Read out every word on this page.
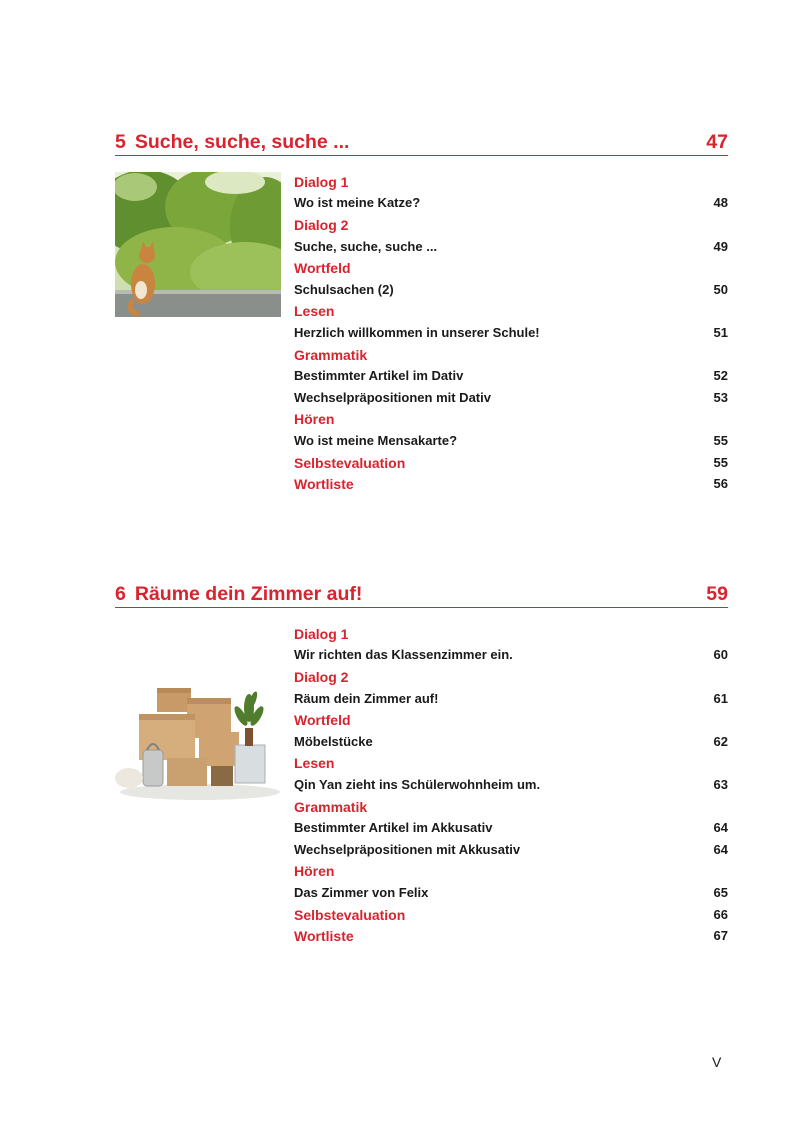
5 Suche, suche, suche ...	47
Dialog 1
Wo ist meine Katze?	48
Dialog 2
Suche, suche, suche ...	49
Wortfeld
Schulsachen (2)	50
Lesen
Herzlich willkommen in unserer Schule!	51
Grammatik
Bestimmter Artikel im Dativ	52
Wechselpräpositionen mit Dativ	53
Hören
Wo ist meine Mensakarte?	55
Selbstevaluation	55
Wortliste	56
6 Räume dein Zimmer auf!	59
Dialog 1
Wir richten das Klassenzimmer ein.	60
Dialog 2
Räum dein Zimmer auf!	61
Wortfeld
Möbelstücke	62
Lesen
Qin Yan zieht ins Schülerwohnheim um.	63
Grammatik
Bestimmter Artikel im Akkusativ	64
Wechselpräpositionen mit Akkusativ	64
Hören
Das Zimmer von Felix	65
Selbstevaluation	66
Wortliste	67
V
